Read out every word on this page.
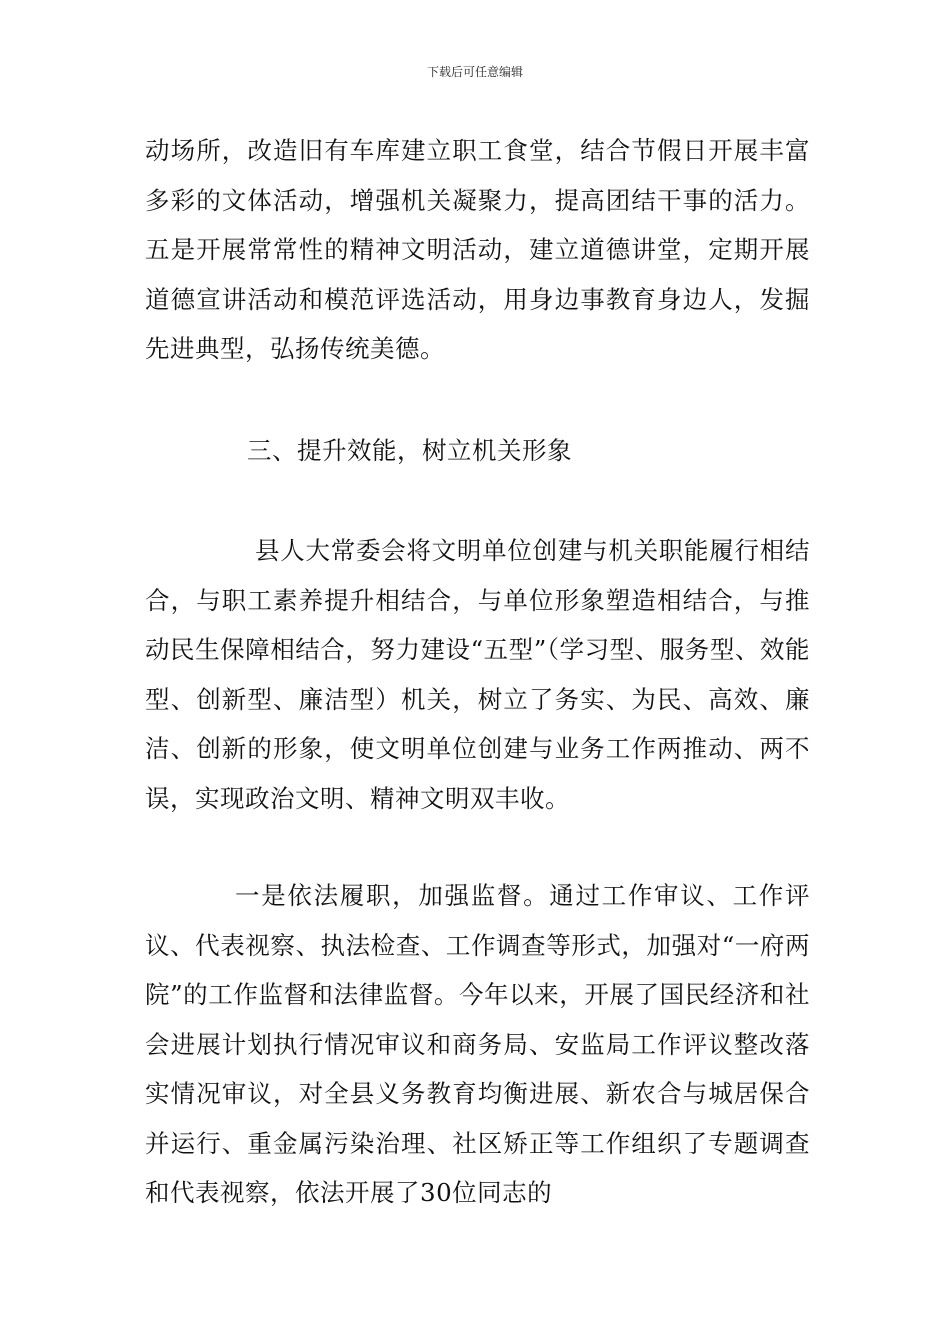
下载后可任意编辑
动场所，改造旧有车库建立职工食堂，结合节假日开展丰富多彩的文体活动，增强机关凝聚力，提高团结干事的活力。五是开展常常性的精神文明活动，建立道德讲堂，定期开展道德宣讲活动和模范评选活动，用身边事教育身边人，发掘先进典型，弘扬传统美德。
三、提升效能，树立机关形象
县人大常委会将文明单位创建与机关职能履行相结合，与职工素养提升相结合，与单位形象塑造相结合，与推动民生保障相结合，努力建设“五型”（学习型、服务型、效能型、创新型、廉洁型）机关，树立了务实、为民、高效、廉洁、创新的形象，使文明单位创建与业务工作两推动、两不误，实现政治文明、精神文明双丰收。
一是依法履职，加强监督。通过工作审议、工作评议、代表视察、执法检查、工作调查等形式，加强对“一府两院”的工作监督和法律监督。今年以来，开展了国民经济和社会进展计划执行情况审议和商务局、安监局工作评议整改落实情况审议，对全县义务教育均衡进展、新农合与城居保合并运行、重金属污染治理、社区矫正等工作组织了专题调查和代表视察，依法开展了30位同志的
